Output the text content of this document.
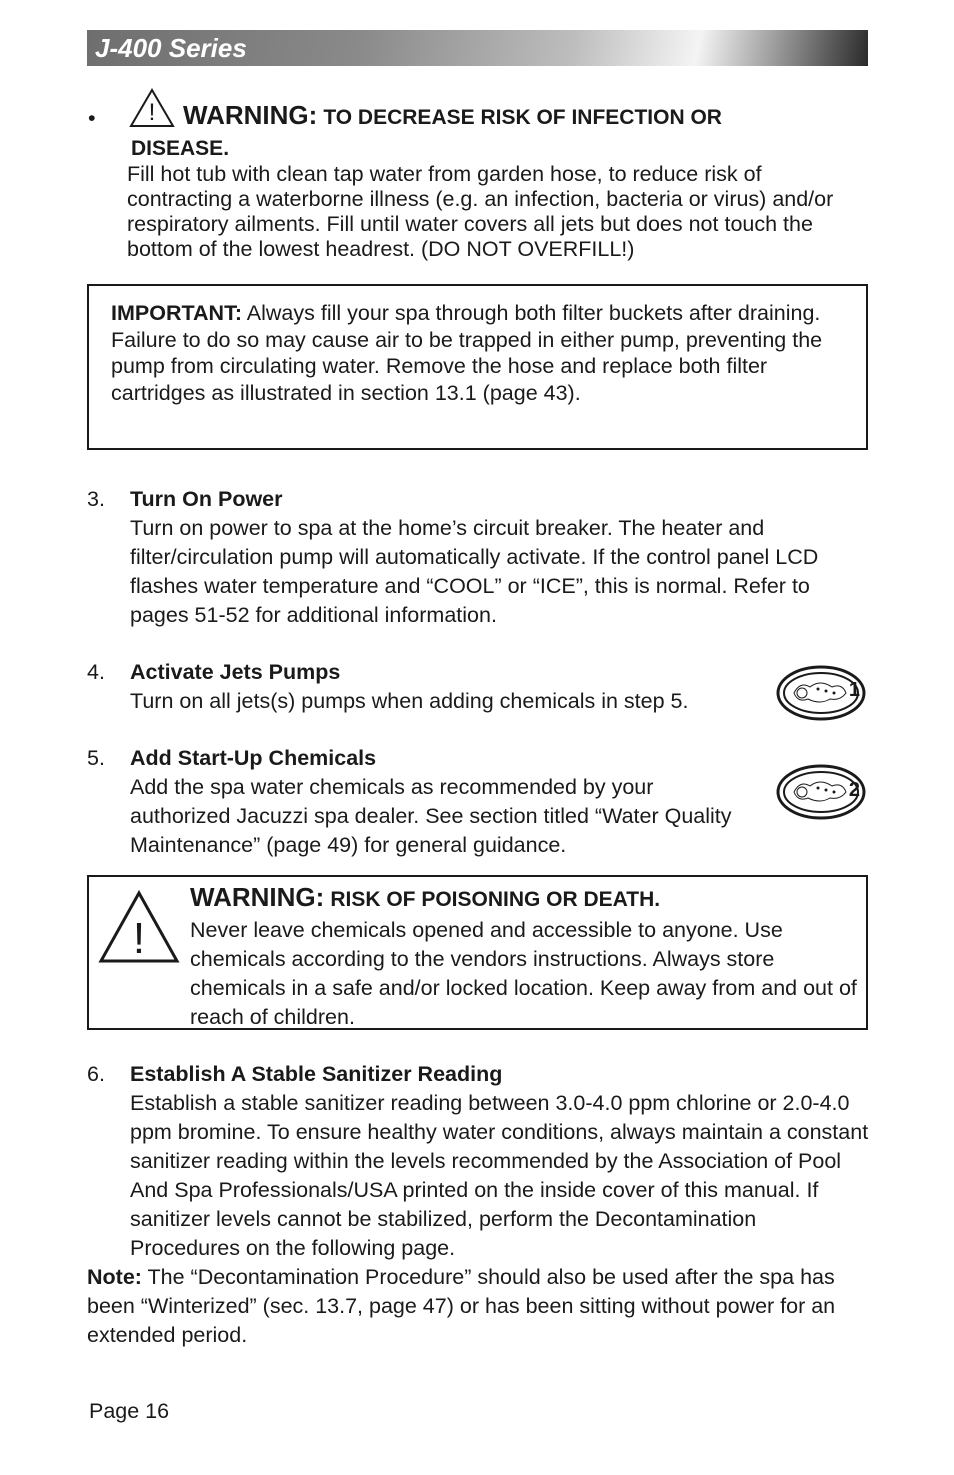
J-400 Series
• !	WARNING: TO DECREASE RISK OF INFECTION OR
DISEASE.

Fill hot tub with clean tap water from garden hose, to reduce risk of contracting a waterborne illness (e.g. an infection, bacteria or virus) and/or respiratory ailments. Fill until water covers all jets but does not touch the bottom of the lowest headrest. (DO NOT OVERFILL!)

IMPORTANT: Always fill your spa through both filter buckets after draining. Failure to do so may cause air to be trapped in either pump, preventing the pump from circulating water. Remove the hose and replace both filter cartridges as illustrated in section 13.1 (page 43).

3. Turn On Power

Turn on power to spa at the home’s circuit breaker. The heater and filter/circulation pump will automatically activate. If the control panel LCD flashes water temperature and “COOL” or “ICE”, this is normal. Refer to pages 51-52 for additional information.

4. Activate Jets Pumps

Turn on all jets(s) pumps when adding chemicals in step 5.	1
5. Add Start-Up Chemicals

Add the spa water chemicals as recommended by your authorized Jacuzzi spa dealer. See section titled “Water Quality Maintenance” (page 49) for general guidance.

2
!

WARNING: RISK OF POISONING OR DEATH.

Never leave chemicals opened and accessible to anyone. Use chemicals according to the vendors instructions. Always store chemicals in a safe and/or locked location. Keep away from and out of reach of children.

6. Establish A Stable Sanitizer Reading

Establish a stable sanitizer reading between 3.0-4.0 ppm chlorine or 2.0-4.0 ppm bromine. To ensure healthy water conditions, always maintain a constant sanitizer reading within the levels recommended by the Association of Pool And Spa Professionals/USA printed on the inside cover of this manual. If sanitizer levels cannot be stabilized, perform the Decontamination Procedures on the following page.

Note: The “Decontamination Procedure” should also be used after the spa has been “Winterized” (sec. 13.7, page 47) or has been sitting without power for an extended period.

Page 16
